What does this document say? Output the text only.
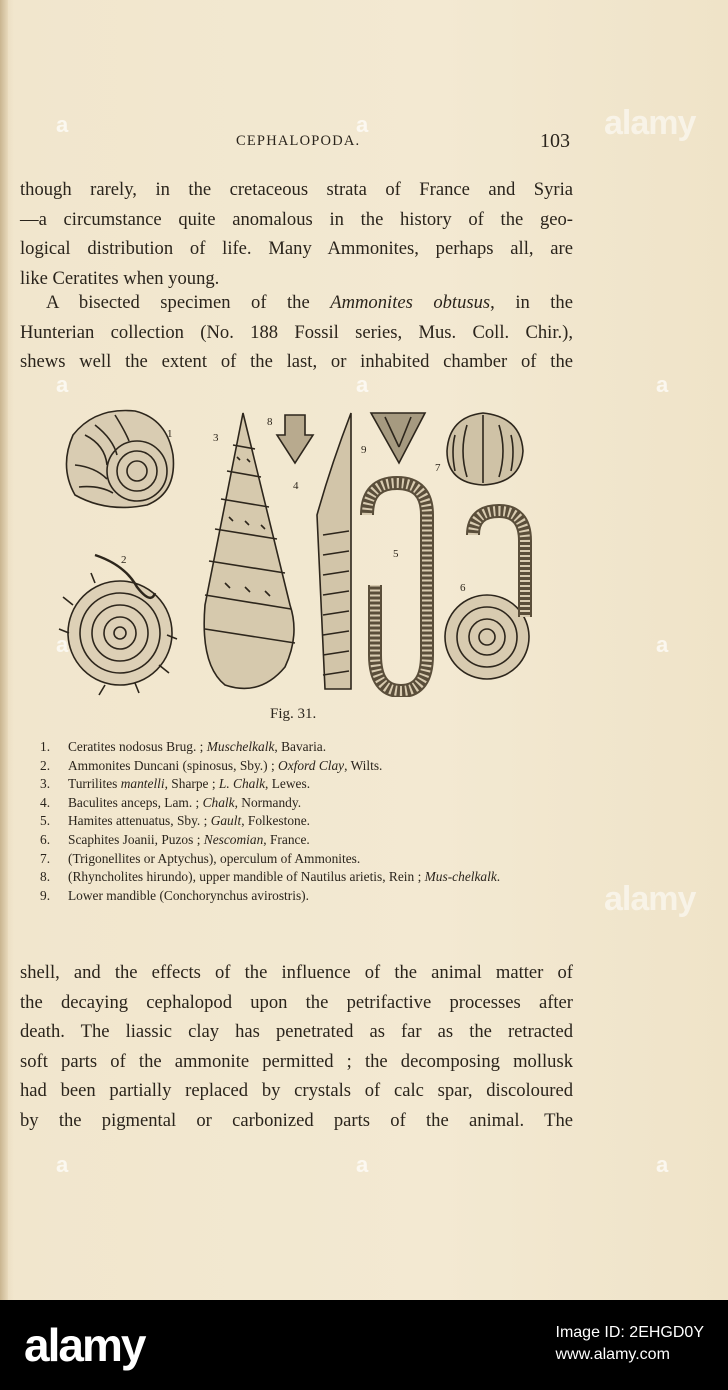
CEPHALOPODA.	103

though rarely, in the cretaceous strata of France and Syria
—a circumstance quite anomalous in the history of the geo-
logical distribution of life. Many Ammonites, perhaps all, are
like Ceratites when young.

A bisected specimen of the Ammonites obtusus, in the
Hunterian collection (No. 188 Fossil series, Mus. Coll. Chir.),
shews well the extent of the last, or inhabited chamber of the

1
2
3
4
5
6
7
8
9
Fig. 31.
1.	Ceratites nodosus Brug. ; Muschelkalk, Bavaria.
2.	Ammonites Duncani (spinosus, Sby.) ; Oxford Clay, Wilts.
3.	Turrilites mantelli, Sharpe ; L. Chalk, Lewes.
4.	Baculites anceps, Lam. ; Chalk, Normandy.
5.	Hamites attenuatus, Sby. ; Gault, Folkestone.
6.	Scaphites Joanii, Puzos ; Nescomian, France.
7.	(Trigonellites or Aptychus), operculum of Ammonites.
8.	(Rhyncholites hirundo), upper mandible of Nautilus arietis, Rein ; Mus-chelkalk.
9.	Lower mandible (Conchorynchus avirostris).

shell, and the effects of the influence of the animal matter of
the decaying cephalopod upon the petrifactive processes after
death. The liassic clay has penetrated as far as the retracted
soft parts of the ammonite permitted ; the decomposing mollusk
had been partially replaced by crystals of calc spar, discoloured
by the pigmental or carbonized parts of the animal. The

alamy
alamy
a	a
a	a	a
a	a
a	a	a
alamy	Image ID: 2EHGD0Y
www.alamy.com
